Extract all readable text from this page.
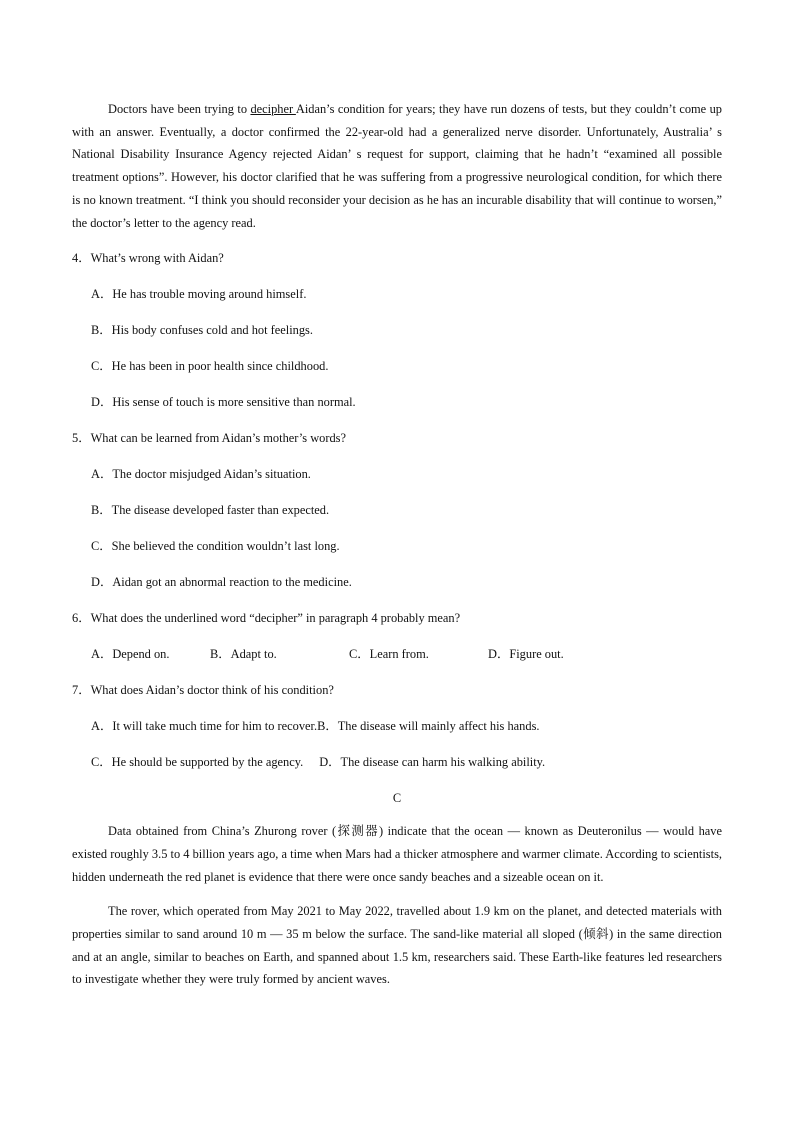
Doctors have been trying to decipher Aidan’s condition for years; they have run dozens of tests, but they couldn’t come up with an answer. Eventually, a doctor confirmed the 22-year-old had a generalized nerve disorder. Unfortunately, Australia’ s National Disability Insurance Agency rejected Aidan’ s request for support, claiming that he hadn’t “examined all possible treatment options”. However, his doctor clarified that he was suffering from a progressive neurological condition, for which there is no known treatment. “I think you should reconsider your decision as he has an incurable disability that will continue to worsen,” the doctor’s letter to the agency read.

4．What’s wrong with Aidan?
A．He has trouble moving around himself.
B．His body confuses cold and hot feelings.
C．He has been in poor health since childhood.
D．His sense of touch is more sensitive than normal.
5．What can be learned from Aidan’s mother’s words?
A．The doctor misjudged Aidan’s situation.
B．The disease developed faster than expected.
C．She believed the condition wouldn’t last long.
D．Aidan got an abnormal reaction to the medicine.
6．What does the underlined word “decipher” in paragraph 4 probably mean?
A．Depend on.	B．Adapt to.	C．Learn from.	D．Figure out.
7．What does Aidan’s doctor think of his condition?
A．It will take much time for him to recover.B．The disease will mainly affect his hands.
C．He should be supported by the agency. D．The disease can harm his walking ability.
C

Data obtained from China’s Zhurong rover (探测器) indicate that the ocean — known as Deuteronilus — would have existed roughly 3.5 to 4 billion years ago, a time when Mars had a thicker atmosphere and warmer climate. According to scientists, hidden underneath the red planet is evidence that there were once sandy beaches and a sizeable ocean on it.

The rover, which operated from May 2021 to May 2022, travelled about 1.9 km on the planet, and detected materials with properties similar to sand around 10 m — 35 m below the surface. The sand-like material all sloped (倾斜) in the same direction and at an angle, similar to beaches on Earth, and spanned about 1.5 km, researchers said. These Earth-like features led researchers to investigate whether they were truly formed by ancient waves.
